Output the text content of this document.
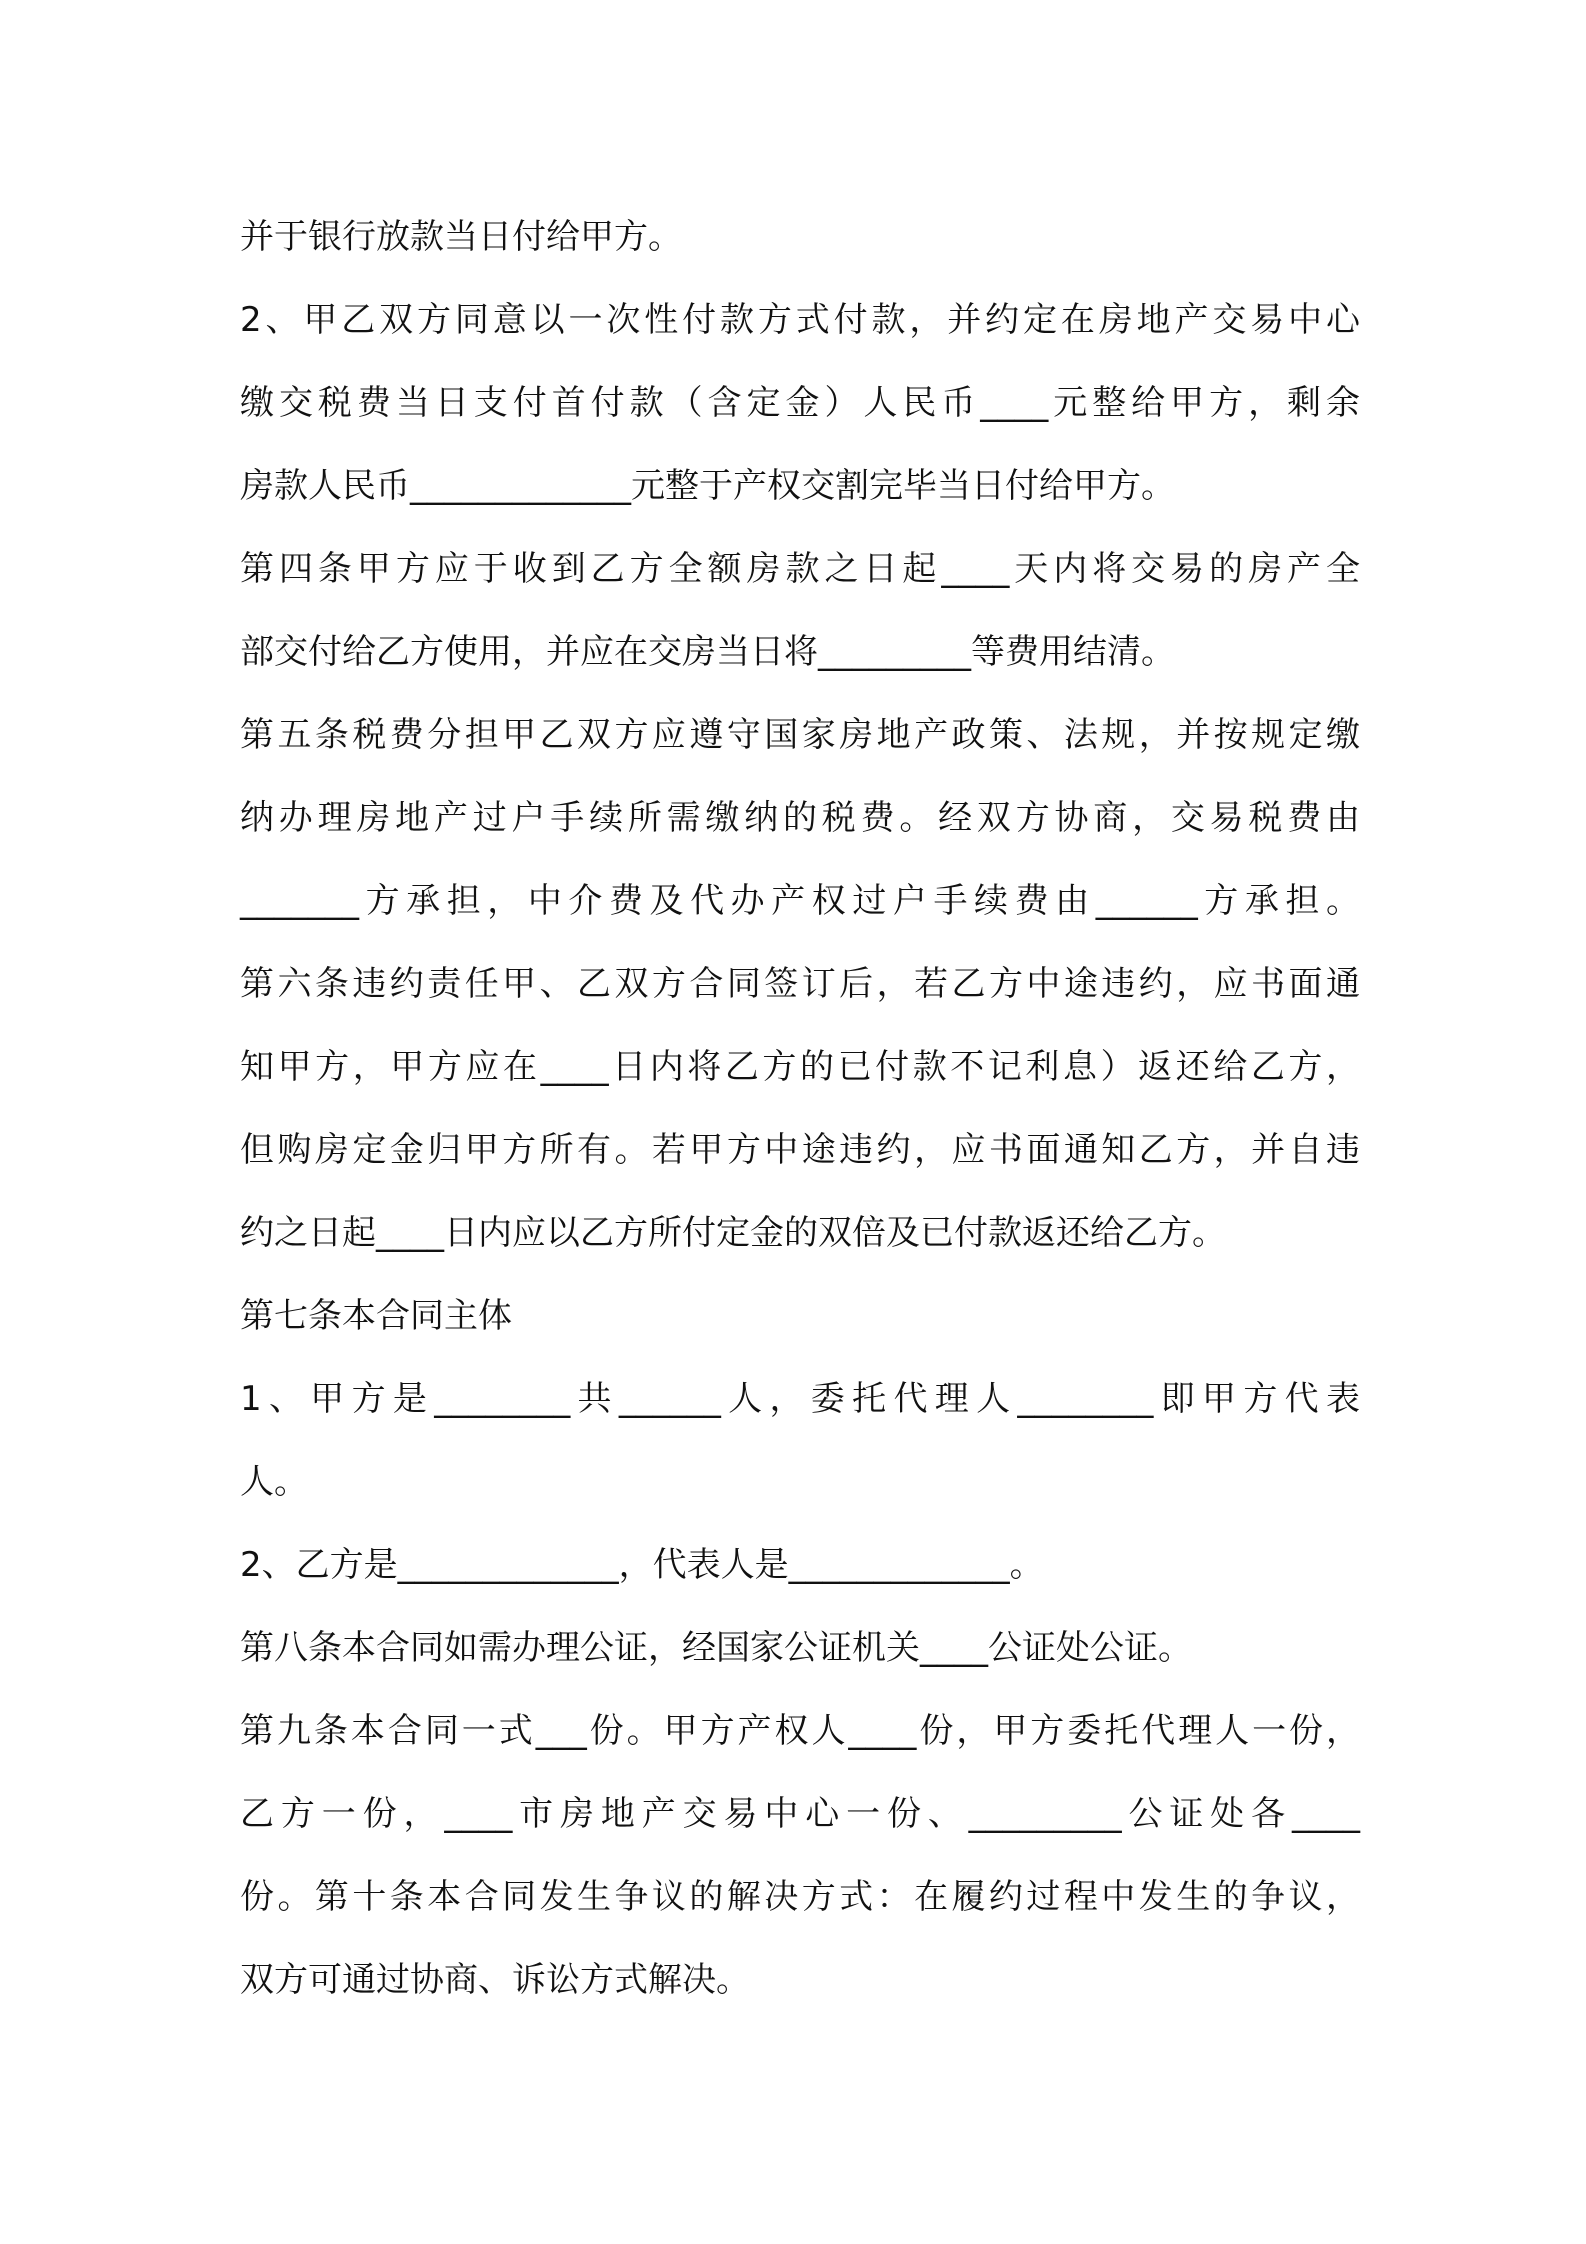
并于银行放款当日付给甲方。
2、甲乙双方同意以一次性付款方式付款，并约定在房地产交易中心
缴交税费当日支付首付款（含定金）人民币____元整给甲方，剩余
房款人民币_____________元整于产权交割完毕当日付给甲方。
第四条甲方应于收到乙方全额房款之日起____天内将交易的房产全
部交付给乙方使用，并应在交房当日将_________等费用结清。
第五条税费分担甲乙双方应遵守国家房地产政策、法规，并按规定缴
纳办理房地产过户手续所需缴纳的税费。经双方协商，交易税费由
_______方承担，中介费及代办产权过户手续费由______方承担。
第六条违约责任甲、乙双方合同签订后，若乙方中途违约，应书面通
知甲方，甲方应在____日内将乙方的已付款不记利息）返还给乙方，
但购房定金归甲方所有。若甲方中途违约，应书面通知乙方，并自违
约之日起____日内应以乙方所付定金的双倍及已付款返还给乙方。
第七条本合同主体
1、甲方是________共______人，委托代理人________即甲方代表
人。
2、乙方是_____________，代表人是_____________。
第八条本合同如需办理公证，经国家公证机关____公证处公证。
第九条本合同一式___份。甲方产权人____份，甲方委托代理人一份，
乙方一份，____市房地产交易中心一份、_________公证处各____
份。第十条本合同发生争议的解决方式：在履约过程中发生的争议，
双方可通过协商、诉讼方式解决。
